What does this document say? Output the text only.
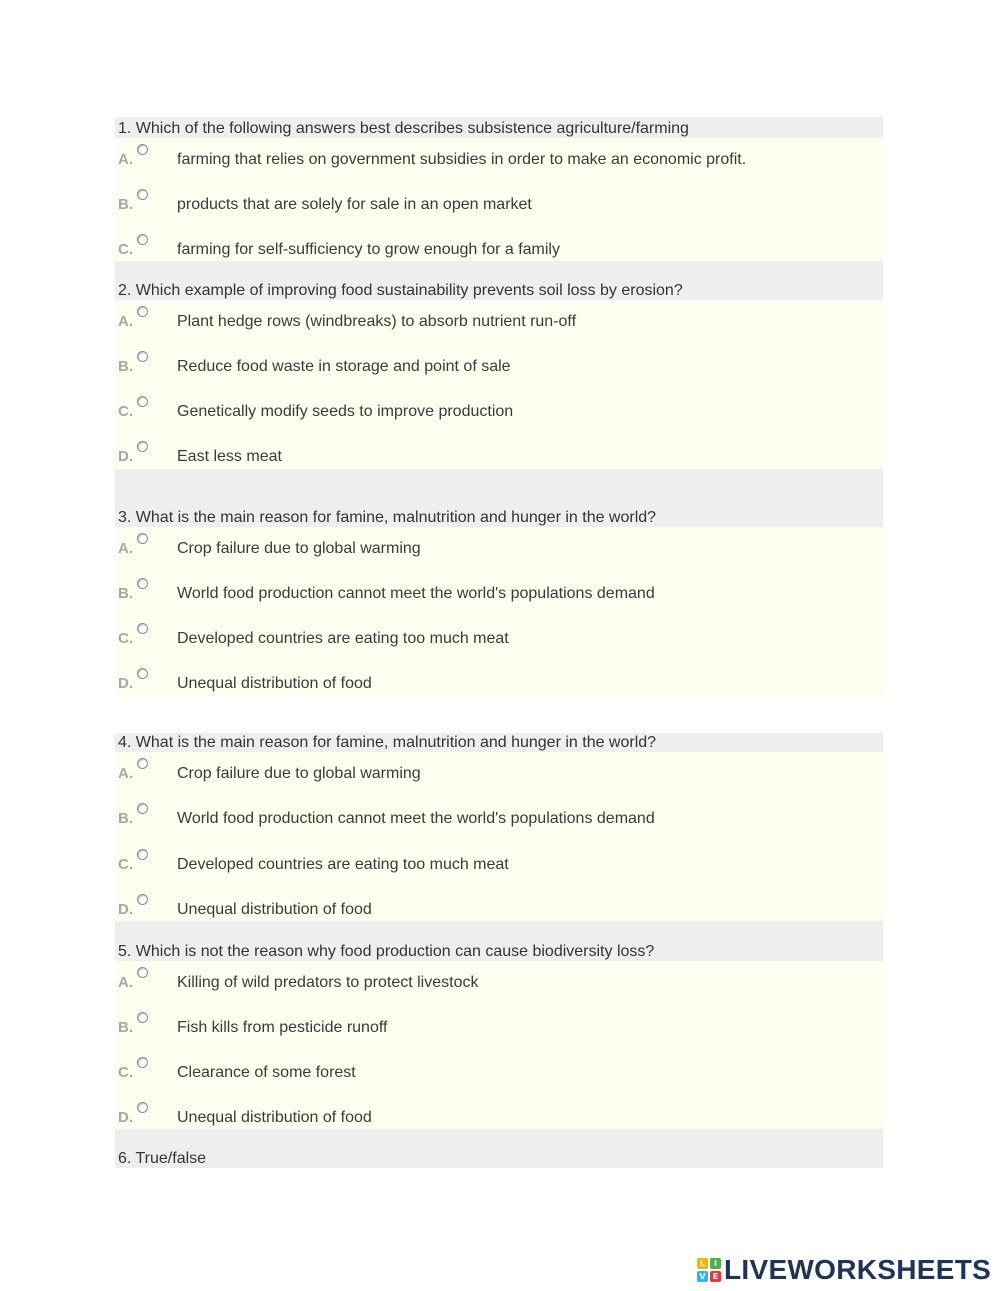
1. Which of the following answers best describes subsistence agriculture/farming
A.	farming that relies on government subsidies in order to make an economic profit.
B.	products that are solely for sale in an open market
C.	farming for self-sufficiency to grow enough for a family
2. Which example of improving food sustainability prevents soil loss by erosion?
A.	Plant hedge rows (windbreaks) to absorb nutrient run-off
B.	Reduce food waste in storage and point of sale
C.	Genetically modify seeds to improve production
D.	East less meat
3. What is the main reason for famine, malnutrition and hunger in the world?
A.	Crop failure due to global warming
B.	World food production cannot meet the world's populations demand
C.	Developed countries are eating too much meat
D.	Unequal distribution of food
4. What is the main reason for famine, malnutrition and hunger in the world?
A.	Crop failure due to global warming
B.	World food production cannot meet the world's populations demand
C.	Developed countries are eating too much meat
D.	Unequal distribution of food
5. Which is not the reason why food production can cause biodiversity loss?
A.	Killing of wild predators to protect livestock
B.	Fish kills from pesticide runoff
C.	Clearance of some forest
D.	Unequal distribution of food
6. True/false
L	I
V E LIVEWORKSHEETS
